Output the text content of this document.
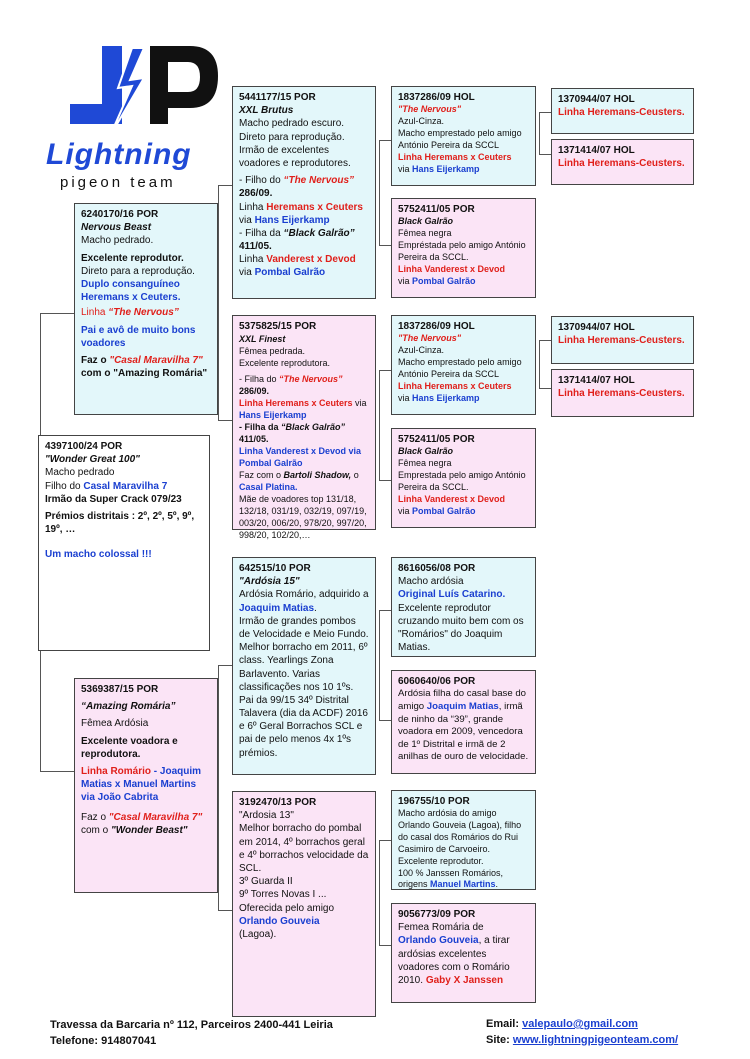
Lightning
pigeon team
6240170/16 POR
Nervous Beast
Macho pedrado.
Excelente reprodutor.
Direto para a reprodução.
Duplo consanguíneo Heremans x Ceuters.
Linha “The Nervous”
Pai e avô de muito bons voadores
Faz o "Casal Maravilha 7" com o "Amazing Romária"
4397100/24 POR
"Wonder Great 100"
Macho pedrado
Filho do Casal Maravilha 7
Irmão da Super Crack 079/23
Prémios distritais : 2º, 2º, 5º, 9º, 19º, …
Um macho colossal !!!
5369387/15 POR
“Amazing Romária”
Fêmea Ardósia
Excelente voadora e reprodutora.
Linha Romário - Joaquim Matias x Manuel Martins via João Cabrita
Faz o "Casal Maravilha 7" com o "Wonder Beast"
5441177/15 POR
XXL Brutus
Macho pedrado escuro.
Direto para reprodução.
Irmão de excelentes voadores e reprodutores.
- Filho do “The Nervous” 286/09.
Linha Heremans x Ceuters
via Hans Eijerkamp
- Filha da “Black Galrão” 411/05.
Linha Vanderest x Devod
via Pombal Galrão
5375825/15 POR
XXL Finest
Fêmea pedrada.
Excelente reprodutora.
- Filha do “The Nervous” 286/09.
Linha Heremans x Ceuters via Hans Eijerkamp
- Filha da “Black Galrão” 411/05.
Linha Vanderest x Devod via Pombal Galrão
Faz com o Bartoli Shadow, o Casal Platina.
Mãe de voadores top 131/18, 132/18, 031/19, 032/19, 097/19, 003/20, 006/20, 978/20, 997/20, 998/20, 102/20,…
642515/10 POR
"Ardósia 15"
Ardósia Romário, adquirido a Joaquim Matias.
Irmão de grandes pombos de Velocidade e Meio Fundo. Melhor borracho em 2011, 6º class. Yearlings Zona Barlavento. Varias classificações nos 10 1ºs. Pai da 99/15 34º Distrital Talavera (dia da ACDF) 2016 e 6º Geral Borrachos SCL e pai de pelo menos 4x 1ºs prémios.
3192470/13 POR
"Ardosia 13"
Melhor borracho do pombal em 2014, 4º borrachos geral e 4º borrachos velocidade da SCL.
3º Guarda II
9º Torres Novas I ...
Oferecida pelo amigo
Orlando Gouveia
(Lagoa).
1837286/09 HOL
"The Nervous"
Azul-Cinza.
Macho emprestado pelo amigo António Pereira da SCCL
Linha Heremans x Ceuters
via Hans Eijerkamp
5752411/05 POR
Black Galrão
Fêmea negra
Empréstada pelo amigo António Pereira da SCCL.
Linha Vanderest x Devod
via Pombal Galrão
1837286/09 HOL
"The Nervous"
Azul-Cinza.
Macho emprestado pelo amigo António Pereira da SCCL
Linha Heremans x Ceuters
via Hans Eijerkamp
5752411/05 POR
Black Galrão
Fêmea negra
Emprestada pelo amigo António Pereira da SCCL.
Linha Vanderest x Devod
via Pombal Galrão
8616056/08 POR
Macho ardósia
Original Luís Catarino.
Excelente reprodutor cruzando muito bem com os "Romários" do Joaquim Matias.
6060640/06 POR
Ardósia filha do casal base do amigo Joaquim Matias, irmã de ninho da “39”, grande voadora em 2009, vencedora de 1º Distrital e irmã de 2 anilhas de ouro de velocidade.
196755/10 POR
Macho ardósia do amigo Orlando Gouveia (Lagoa), filho do casal dos Romários do Rui Casimiro de Carvoeiro. Excelente reprodutor.
100 % Janssen Romários, origens Manuel Martins.
9056773/09 POR
Femea Romária de
Orlando Gouveia, a tirar ardósias excelentes voadores com o Romário 2010. Gaby X Janssen
1370944/07 HOL
Linha Heremans-Ceusters.
1371414/07 HOL
Linha Heremans-Ceusters.
1370944/07 HOL
Linha Heremans-Ceusters.
1371414/07 HOL
Linha Heremans-Ceusters.
Travessa da Barcaria nº 112, Parceiros 2400-441 Leiria
Telefone: 914807041
Email: valepaulo@gmail.com
Site: www.lightningpigeonteam.com/
